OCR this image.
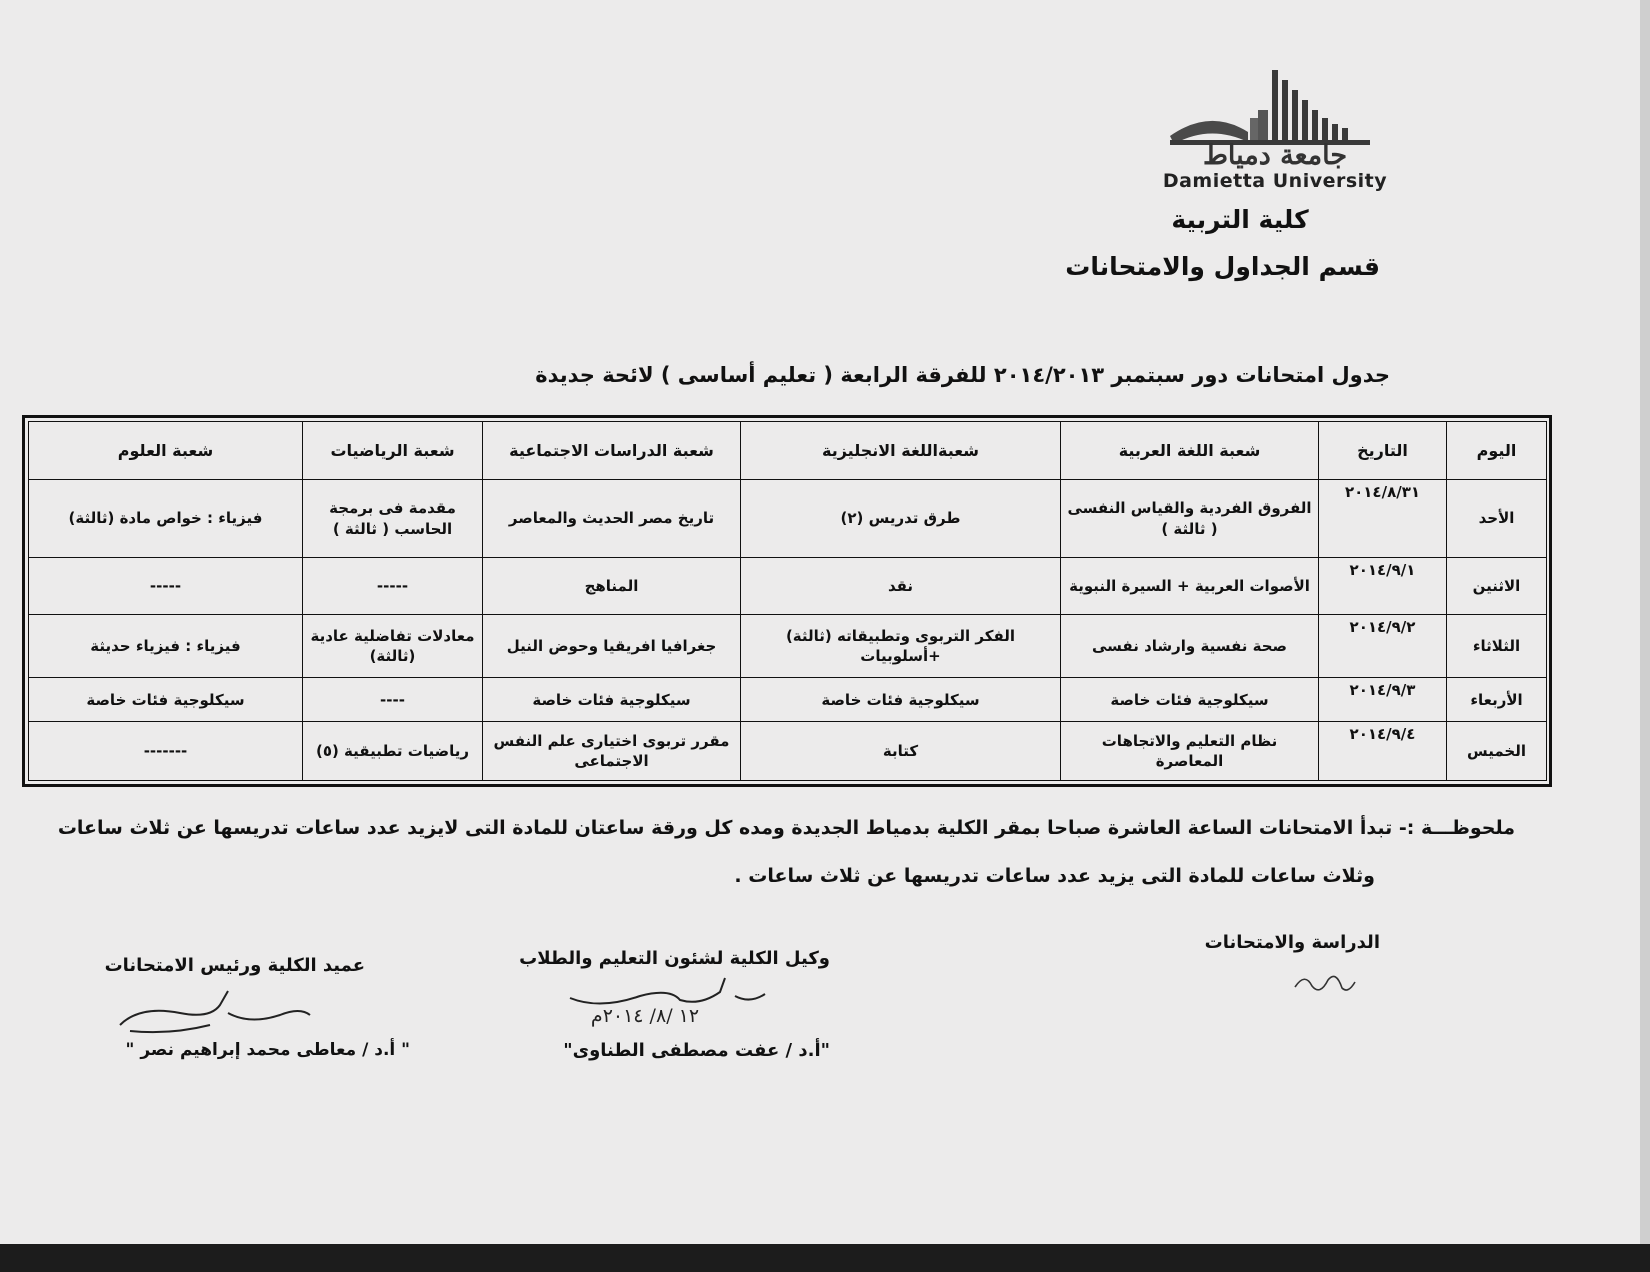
جامعة دمياط
Damietta University
كلية التربية
قسم الجداول والامتحانات
جدول امتحانات دور سبتمبر ٢٠١٤/٢٠١٣ للفرقة الرابعة ( تعليم أساسى ) لائحة جديدة
اليوم	التاريخ	شعبة اللغة العربية	شعبةاللغة الانجليزية	شعبة الدراسات الاجتماعية	شعبة الرياضيات	شعبة العلوم
الأحد	٢٠١٤/٨/٣١	الفروق الفردية والقياس النفسى ( ثالثة )	طرق تدريس (٢)	تاريخ مصر الحديث والمعاصر	مقدمة فى برمجة الحاسب ( ثالثة )	فيزياء : خواص مادة (ثالثة)
الاثنين	٢٠١٤/٩/١	الأصوات العربية + السيرة النبوية	نقد	المناهج	-----	-----
الثلاثاء	٢٠١٤/٩/٢	صحة نفسية وارشاد نفسى	الفكر التربوى وتطبيقاته (ثالثة) +أسلوبيات	جغرافيا افريقيا وحوض النيل	معادلات تفاضلية عادية (ثالثة)	فيزياء : فيزياء حديثة
الأربعاء	٢٠١٤/٩/٣	سيكلوجية فئات خاصة	سيكلوجية فئات خاصة	سيكلوجية فئات خاصة	----	سيكلوجية فئات خاصة
الخميس	٢٠١٤/٩/٤	نظام التعليم والاتجاهات المعاصرة	كتابة	مقرر تربوى اختيارى علم النفس الاجتماعى	رياضيات تطبيقية (٥)	-------
ملحوظـــة :- تبدأ الامتحانات الساعة العاشرة صباحا بمقر الكلية بدمياط الجديدة ومده كل ورقة ساعتان للمادة التى لايزيد عدد ساعات تدريسها عن ثلاث ساعات
وثلاث ساعات للمادة التى يزيد عدد ساعات تدريسها عن ثلاث ساعات .
الدراسة والامتحانات
وكيل الكلية لشئون التعليم والطلاب
١٢ /٨/ ٢٠١٤م
"أ.د / عفت مصطفى الطناوى"
عميد الكلية ورئيس الامتحانات
" أ.د / معاطى محمد إبراهيم نصر "
